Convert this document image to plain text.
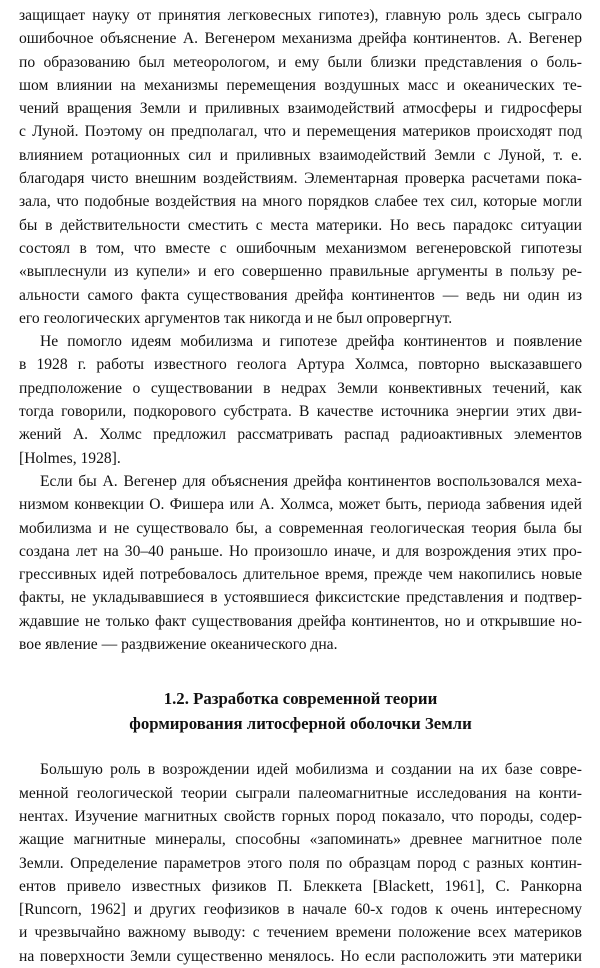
защищает науку от принятия легковесных гипотез), главную роль здесь сыграло
ошибочное объяснение А. Вегенером механизма дрейфа континентов. А. Вегенер
по образованию был метеорологом, и ему были близки представления о боль-
шом влиянии на механизмы перемещения воздушных масс и океанических те-
чений вращения Земли и приливных взаимодействий атмосферы и гидросферы
с Луной. Поэтому он предполагал, что и перемещения материков происходят под
влиянием ротационных сил и приливных взаимодействий Земли с Луной, т. е.
благодаря чисто внешним воздействиям. Элементарная проверка расчетами пока-
зала, что подобные воздействия на много порядков слабее тех сил, которые могли
бы в действительности сместить с места материки. Но весь парадокс ситуации
состоял в том, что вместе с ошибочным механизмом вегенеровской гипотезы
«выплеснули из купели» и его совершенно правильные аргументы в пользу ре-
альности самого факта существования дрейфа континентов — ведь ни один из
его геологических аргументов так никогда и не был опровергнут.
Не помогло идеям мобилизма и гипотезе дрейфа континентов и появление
в 1928 г. работы известного геолога Артура Холмса, повторно высказавшего
предположение о существовании в недрах Земли конвективных течений, как
тогда говорили, подкорового субстрата. В качестве источника энергии этих дви-
жений А. Холмс предложил рассматривать распад радиоактивных элементов
[Holmes, 1928].
Если бы А. Вегенер для объяснения дрейфа континентов воспользовался меха-
низмом конвекции О. Фишера или А. Холмса, может быть, периода забвения идей
мобилизма и не существовало бы, а современная геологическая теория была бы
создана лет на 30–40 раньше. Но произошло иначе, и для возрождения этих про-
грессивных идей потребовалось длительное время, прежде чем накопились новые
факты, не укладывавшиеся в устоявшиеся фиксистские представления и подтвер-
ждавшие не только факт существования дрейфа континентов, но и открывшие но-
вое явление — раздвижение океанического дна.
1.2. Разработка современной теории
формирования литосферной оболочки Земли
Большую роль в возрождении идей мобилизма и создании на их базе совре-
менной геологической теории сыграли палеомагнитные исследования на конти-
нентах. Изучение магнитных свойств горных пород показало, что породы, содер-
жащие магнитные минералы, способны «запоминать» древнее магнитное поле
Земли. Определение параметров этого поля по образцам пород с разных контин-
ентов привело известных физиков П. Блеккета [Blackett, 1961], С. Ранкорна
[Runcorn, 1962] и других геофизиков в начале 60-х годов к очень интересному
и чрезвычайно важному выводу: с течением времени положение всех материков
на поверхности Земли существенно менялось. Но если расположить эти материки
